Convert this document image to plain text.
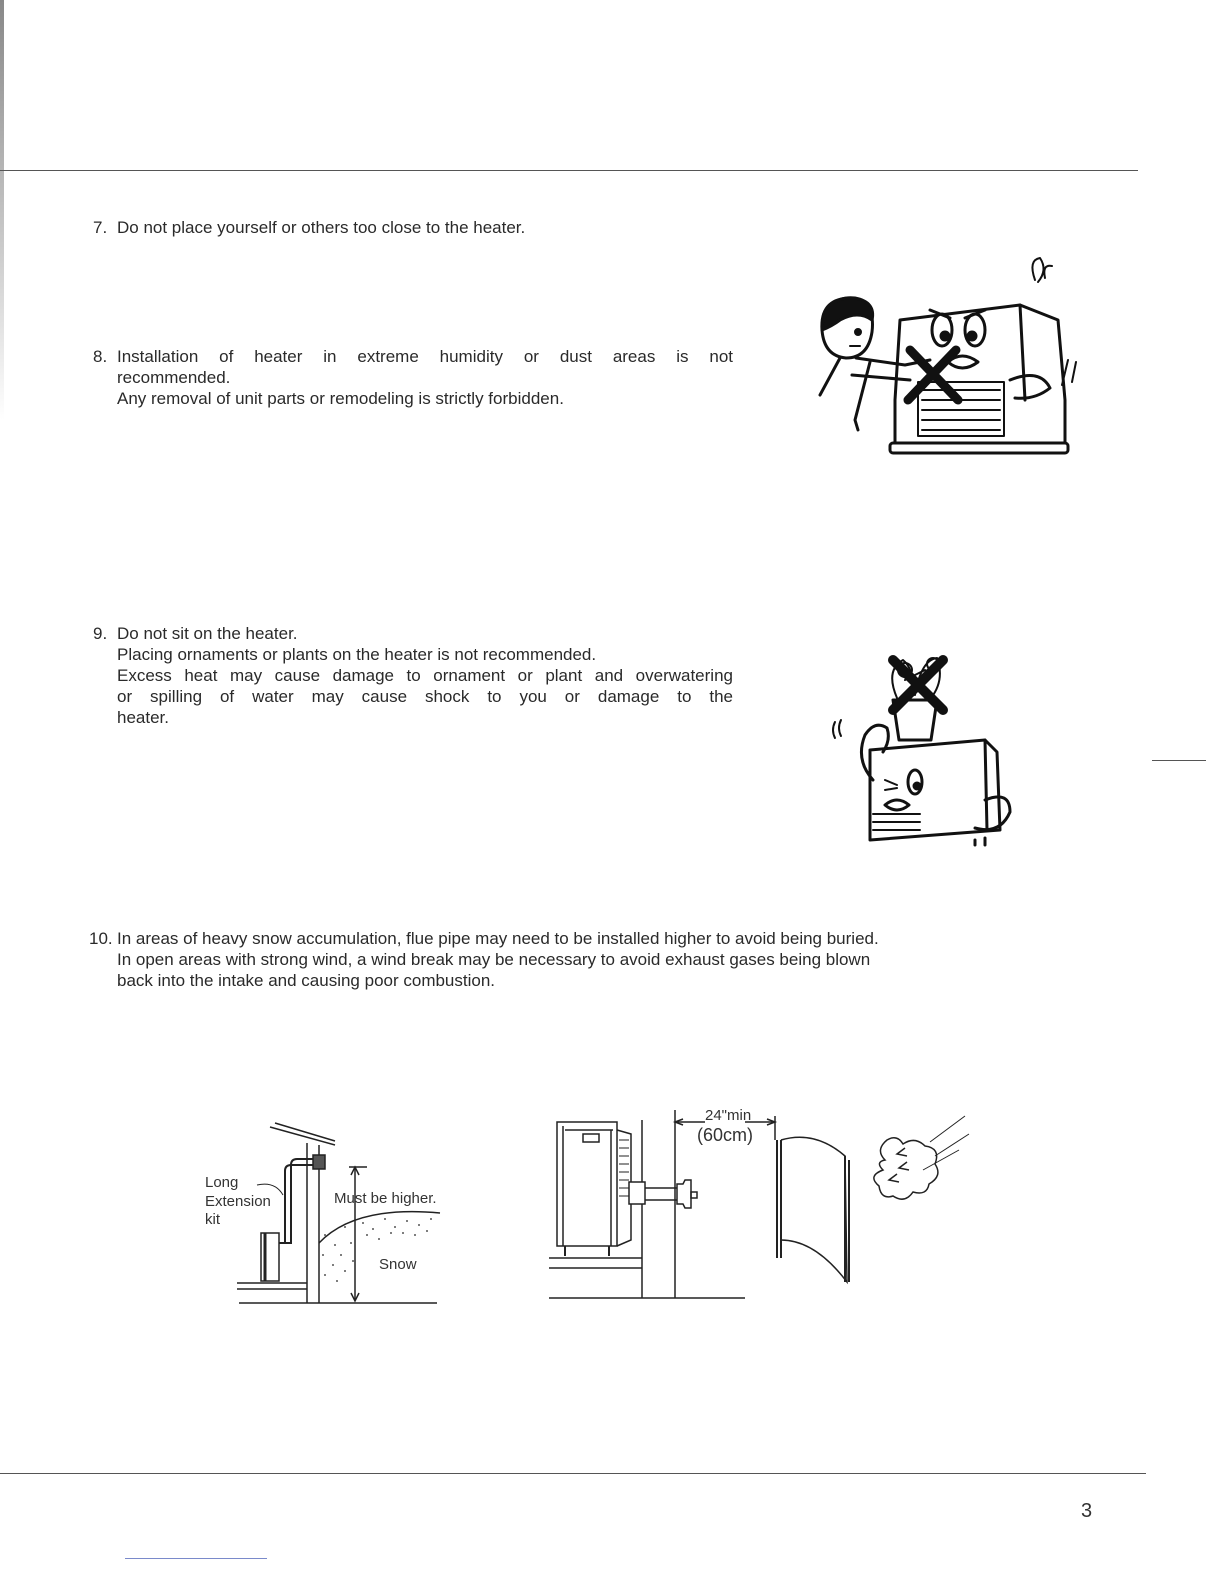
7. Do not place yourself or others too close to the heater.

8. Installation of heater in extreme humidity or dust areas is not

recommended.

Any removal of unit parts or remodeling is strictly forbidden.

9. Do not sit on the heater.

Placing ornaments or plants on the heater is not recommended.

Excess heat may cause damage to ornament or plant and overwatering

or spilling of water may cause shock to you or damage to the

heater.

10. In areas of heavy snow accumulation, flue pipe may need to be installed higher to avoid being buried.

In open areas with strong wind, a wind break may be necessary to avoid exhaust gases being blown

back into the intake and causing poor combustion.

Long
Extension
kit
Must be higher.
Snow
24"min
(60cm)
3
